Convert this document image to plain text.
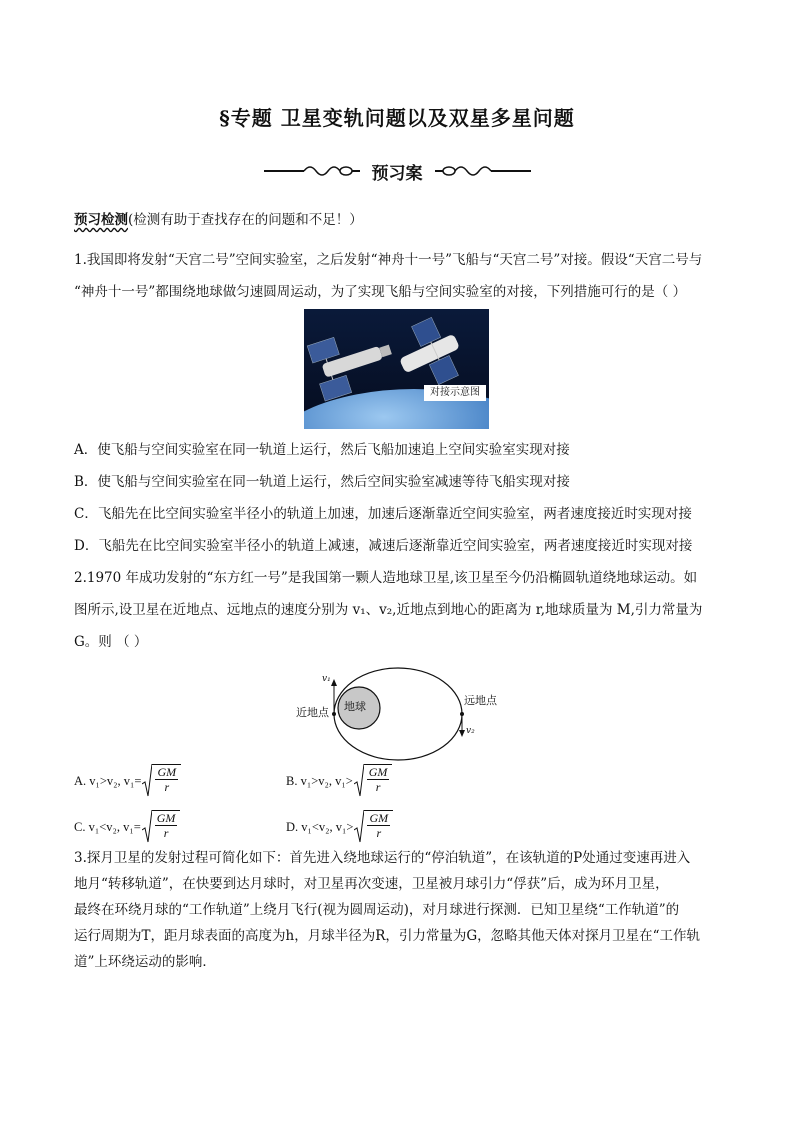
§专题 卫星变轨问题以及双星多星问题
预习案
预习检测(检测有助于查找存在的问题和不足！）
1.我国即将发射“天宫二号”空间实验室，之后发射“神舟十一号”飞船与“天宫二号”对接。假设“天宫二号与
“神舟十一号”都围绕地球做匀速圆周运动，为了实现飞船与空间实验室的对接，下列措施可行的是（ ）
对接示意图
A．使飞船与空间实验室在同一轨道上运行，然后飞船加速追上空间实验室实现对接
B．使飞船与空间实验室在同一轨道上运行，然后空间实验室减速等待飞船实现对接
C．飞船先在比空间实验室半径小的轨道上加速，加速后逐渐靠近空间实验室，两者速度接近时实现对接
D．飞船先在比空间实验室半径小的轨道上减速，减速后逐渐靠近空间实验室，两者速度接近时实现对接
2.1970 年成功发射的“东方红一号”是我国第一颗人造地球卫星,该卫星至今仍沿椭圆轨道绕地球运动。如
图所示,设卫星在近地点、远地点的速度分别为 v₁、v₂,近地点到地心的距离为 r,地球质量为 M,引力常量为
G。则 （ ）
地球
近地点
远地点
v₁
v₂
A. v₁>v₂, $v_1= \frac{GM}{r}$	B. v₁>v₂, $v_1> \frac{GM}{r}$
C. v₁<v₂, $v_1= \frac{GM}{r}$	D. v₁<v₂, $v_1> \frac{GM}{r}$
3.探月卫星的发射过程可简化如下：首先进入绕地球运行的“停泊轨道”，在该轨道的P处通过变速再进入
地月“转移轨道”，在快要到达月球时，对卫星再次变速，卫星被月球引力“俘获”后，成为环月卫星，
最终在环绕月球的“工作轨道”上绕月飞行(视为圆周运动)，对月球进行探测．已知卫星绕“工作轨道”的
运行周期为T，距月球表面的高度为h，月球半径为R，引力常量为G，忽略其他天体对探月卫星在“工作轨
道”上环绕运动的影响．
